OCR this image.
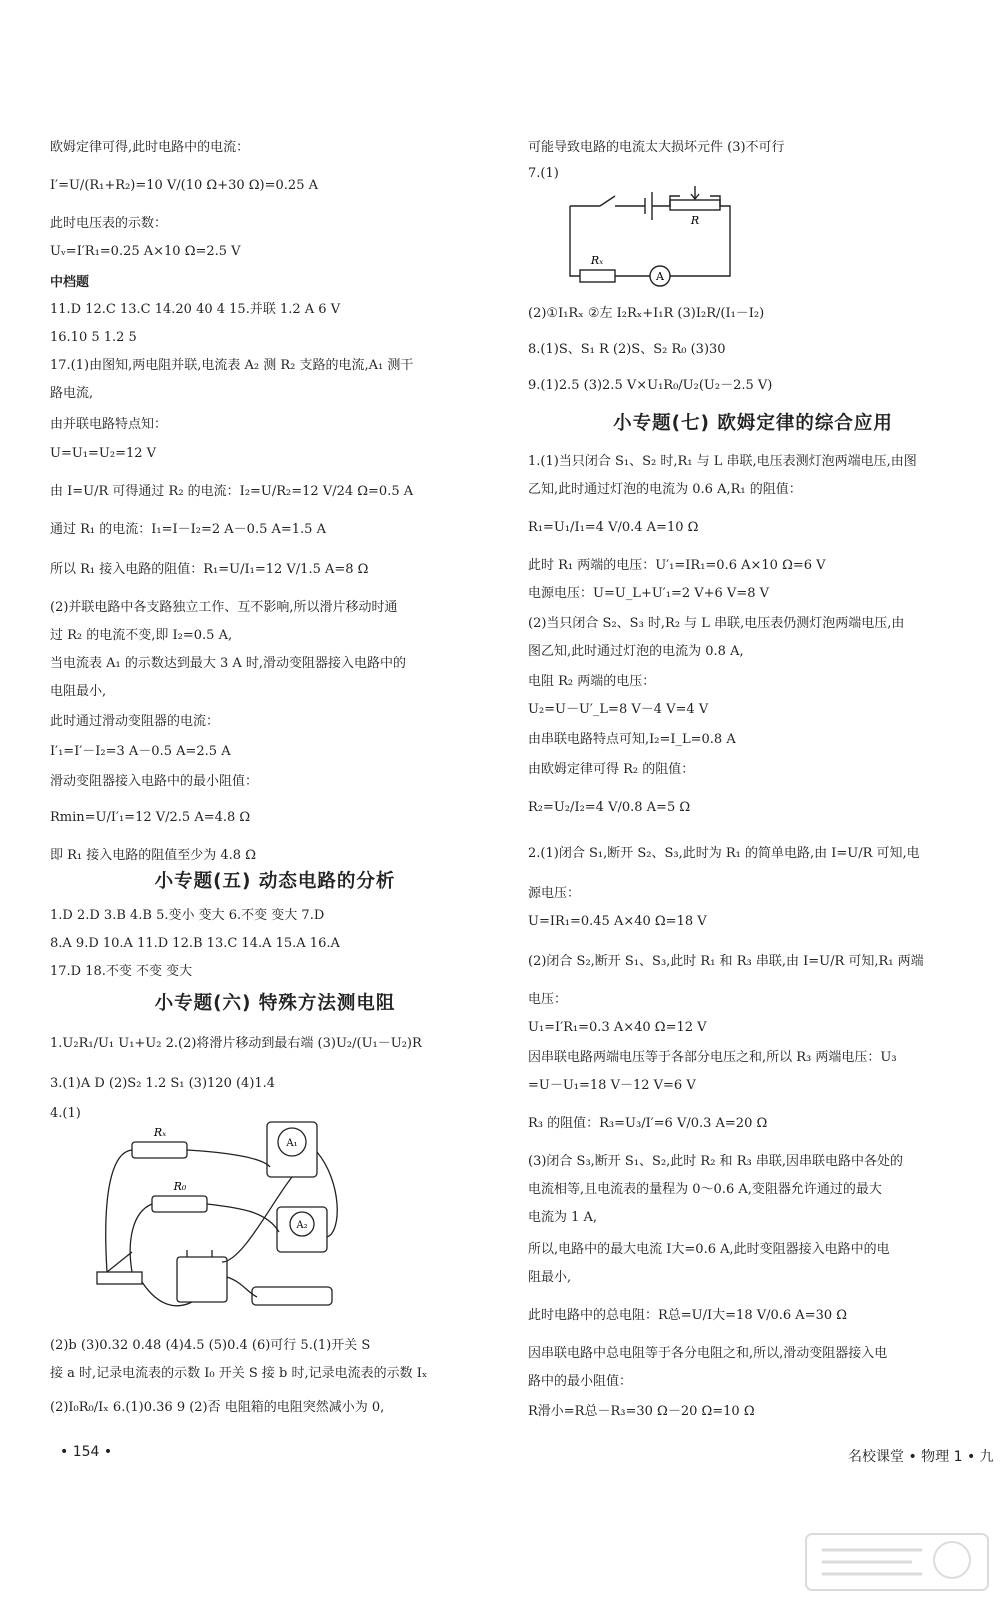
欧姆定律可得,此时电路中的电流：
I′=U/(R₁+R₂)=10 V/(10 Ω+30 Ω)=0.25 A
此时电压表的示数：
Uᵥ=I′R₁=0.25 A×10 Ω=2.5 V
中档题
11.D 12.C 13.C 14.20 40 4 15.并联 1.2 A 6 V
16.10 5 1.2 5
17.(1)由图知,两电阻并联,电流表 A₂ 测 R₂ 支路的电流,A₁ 测干
路电流,
由并联电路特点知：
U=U₁=U₂=12 V
由 I=U/R 可得通过 R₂ 的电流：I₂=U/R₂=12 V/24 Ω=0.5 A
通过 R₁ 的电流：I₁=I－I₂=2 A－0.5 A=1.5 A
所以 R₁ 接入电路的阻值：R₁=U/I₁=12 V/1.5 A=8 Ω
(2)并联电路中各支路独立工作、互不影响,所以滑片移动时通
过 R₂ 的电流不变,即 I₂=0.5 A,
当电流表 A₁ 的示数达到最大 3 A 时,滑动变阻器接入电路中的
电阻最小,
此时通过滑动变阻器的电流：
I′₁=I′－I₂=3 A－0.5 A=2.5 A
滑动变阻器接入电路中的最小阻值：
Rmin=U/I′₁=12 V/2.5 A=4.8 Ω
即 R₁ 接入电路的阻值至少为 4.8 Ω
小专题(五) 动态电路的分析
1.D 2.D 3.B 4.B 5.变小 变大 6.不变 变大 7.D
8.A 9.D 10.A 11.D 12.B 13.C 14.A 15.A 16.A
17.D 18.不变 不变 变大
小专题(六) 特殊方法测电阻
1.U₂R₁/U₁ U₁+U₂ 2.(2)将滑片移动到最右端 (3)U₂/(U₁－U₂)R
3.(1)A D (2)S₂ 1.2 S₁ (3)120 (4)1.4
4.(1)
(2)b (3)0.32 0.48 (4)4.5 (5)0.4 (6)可行 5.(1)开关 S
接 a 时,记录电流表的示数 I₀ 开关 S 接 b 时,记录电流表的示数 Iₓ
(2)I₀R₀/Iₓ 6.(1)0.36 9 (2)否 电阻箱的电阻突然减小为 0,
可能导致电路的电流太大损坏元件 (3)不可行
7.(1)
(2)①I₁Rₓ ②左 I₂Rₓ+I₁R (3)I₂R/(I₁－I₂)
8.(1)S、S₁ R (2)S、S₂ R₀ (3)30
9.(1)2.5 (3)2.5 V×U₁R₀/U₂(U₂－2.5 V)
小专题(七) 欧姆定律的综合应用
1.(1)当只闭合 S₁、S₂ 时,R₁ 与 L 串联,电压表测灯泡两端电压,由图
乙知,此时通过灯泡的电流为 0.6 A,R₁ 的阻值：
R₁=U₁/I₁=4 V/0.4 A=10 Ω
此时 R₁ 两端的电压：U′₁=IR₁=0.6 A×10 Ω=6 V
电源电压：U=U_L+U′₁=2 V+6 V=8 V
(2)当只闭合 S₂、S₃ 时,R₂ 与 L 串联,电压表仍测灯泡两端电压,由
图乙知,此时通过灯泡的电流为 0.8 A,
电阻 R₂ 两端的电压：
U₂=U－U′_L=8 V－4 V=4 V
由串联电路特点可知,I₂=I_L=0.8 A
由欧姆定律可得 R₂ 的阻值：
R₂=U₂/I₂=4 V/0.8 A=5 Ω
2.(1)闭合 S₁,断开 S₂、S₃,此时为 R₁ 的简单电路,由 I=U/R 可知,电
源电压：
U=IR₁=0.45 A×40 Ω=18 V
(2)闭合 S₂,断开 S₁、S₃,此时 R₁ 和 R₃ 串联,由 I=U/R 可知,R₁ 两端
电压：
U₁=I′R₁=0.3 A×40 Ω=12 V
因串联电路两端电压等于各部分电压之和,所以 R₃ 两端电压：U₃
=U－U₁=18 V－12 V=6 V
R₃ 的阻值：R₃=U₃/I′=6 V/0.3 A=20 Ω
(3)闭合 S₃,断开 S₁、S₂,此时 R₂ 和 R₃ 串联,因串联电路中各处的
电流相等,且电流表的量程为 0～0.6 A,变阻器允许通过的最大
电流为 1 A,
所以,电路中的最大电流 I大=0.6 A,此时变阻器接入电路中的电
阻最小,
此时电路中的总电阻：R总=U/I大=18 V/0.6 A=30 Ω
因串联电路中总电阻等于各分电阻之和,所以,滑动变阻器接入电
路中的最小阻值：
R滑小=R总－R₃=30 Ω－20 Ω=10 Ω
R
Rₓ
A
Rₓ
R₀
A₁
A₂
• 154 •	名校课堂 • 物理 1 • 九
